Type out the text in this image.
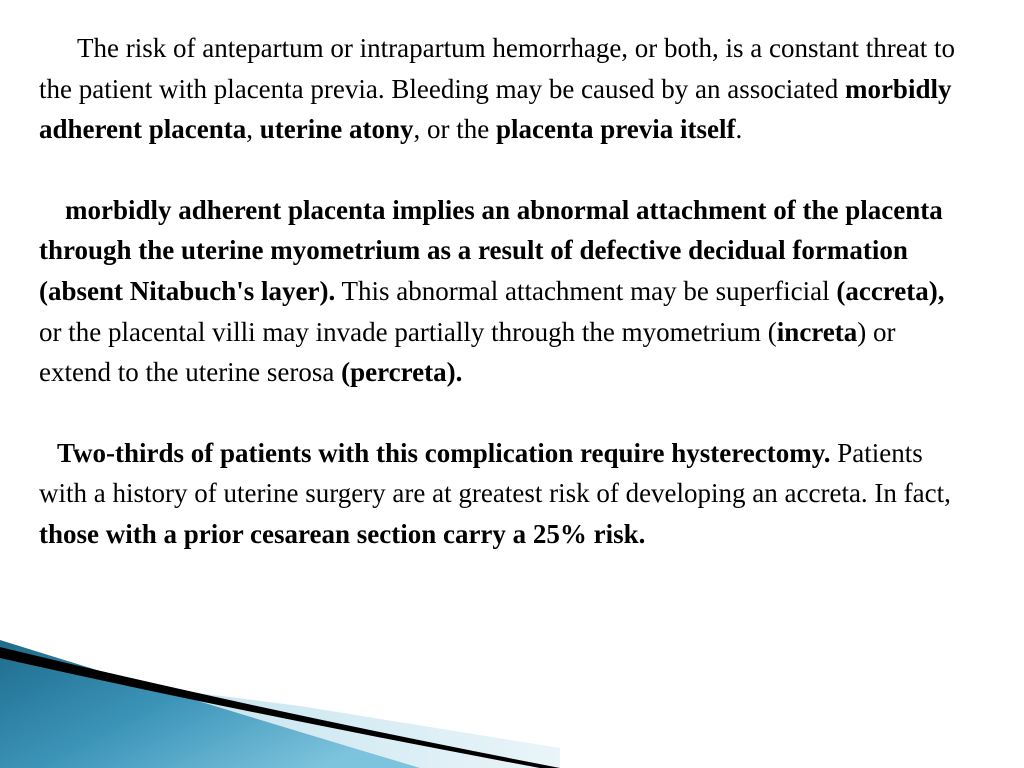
The risk of antepartum or intrapartum hemorrhage, or both, is a constant threat to the patient with placenta previa. Bleeding may be caused by an associated morbidly adherent placenta, uterine atony, or the placenta previa itself.

morbidly adherent placenta implies an abnormal attachment of the placenta through the uterine myometrium as a result of defective decidual formation (absent Nitabuch's layer). This abnormal attachment may be superficial (accreta), or the placental villi may invade partially through the myometrium (increta) or extend to the uterine serosa (percreta).

Two-thirds of patients with this complication require hysterectomy. Patients with a history of uterine surgery are at greatest risk of developing an accreta. In fact, those with a prior cesarean section carry a 25% risk.
